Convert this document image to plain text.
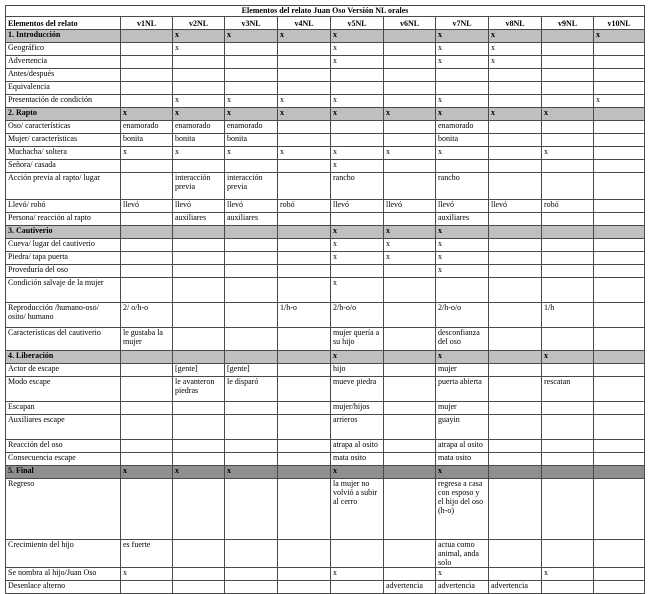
Elementos del relato Juan Oso Versión NL orales										
Elementos del relato	v1NL	v2NL	v3NL	v4NL	v5NL	v6NL	v7NL	v8NL	v9NL	v10NL
1. Introducción		x	x	x	x		x	x		x
Geográfico		x			x		x	x		
Advertencia					x		x	x		
Antes/después										
Equivalencia										
Presentación de condición		x	x	x	x		x			x
2. Rapto	x	x	x	x	x	x	x	x	x	
Oso/ características	enamorado	enamorado	enamorado				enamorado			
Mujer/ características	bonita	bonita	bonita				bonita			
Muchacha/ soltera	x	x	x	x	x	x	x		x	
Señora/ casada					x					
Acción previa al rapto/ lugar		interacción previa	interacción previa		rancho		rancho			
Llevó/ robó	llevó	llevó	llevó	robó	llevó	llevó	llevó	llevó	robó	
Persona/ reacción al rapto		auxiliares	auxiliares				auxiliares			
3. Cautiverio					x	x	x			
Cueva/ lugar del cautiverio					x	x	x			
Piedra/ tapa puerta					x	x	x			
Proveduría del oso							x			
Condición salvaje de la mujer					x					
Reproducción /humano-oso/ osito/ humano	2/ o/h-o			1/h-o	2/h-o/o		2/h-o/o		1/h	
Características del cautiverio	le gustaba la mujer				mujer quería a su hijo		desconfianza del oso			
4. Liberación					x		x		x	
Actor de escape		[gente]	[gente]		hijo		mujer			
Modo escape		le avanteron piedras	le disparó		mueve piedra		puerta abierta		rescatan	
Escapan					mujer/hijos		mujer			
Auxiliares escape					arrieros		guayin			
Reacción del oso					atrapa al osito		atrapa al osito			
Consecuencia escape					mata osito		mata osito			
5. Final	x	x	x		x		x			
Regreso					la mujer no volvió a subir al cerro		regresa a casa con esposo y el hijo del oso (h-o)			
Crecimiento del hijo	es fuerte						actua como animal, anda solo			
Se nombra al hijo/Juan Oso	x				x		x		x	
Desenlace alterno						advertencia	advertencia	advertencia		
